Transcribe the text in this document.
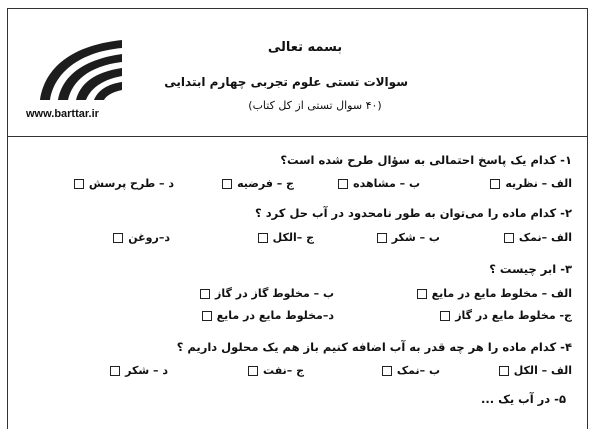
www.barttar.ir
بسمه تعالی
سوالات تستی علوم تجربی چهارم ابتدایی
(۴۰ سوال تستی از کل کتاب)
۱- کدام یک پاسخ احتمالی به سؤال طرح شده است؟
الف – نظریه
ب – مشاهده
ج – فرضیه
د – طرح پرسش
۲- کدام ماده را می‌توان به طور نامحدود در آب حل کرد ؟
الف –نمک
ب – شکر
ج –الکل
د–روغن
۳- ابر چیست ؟
الف – مخلوط مایع در مایع
ب – مخلوط گاز در گاز
ج- مخلوط مایع در گاز
د–مخلوط مایع در مایع
۴- کدام ماده را هر چه قدر به آب اضافه کنیم باز هم یک محلول داریم ؟
الف – الکل
ب –نمک
ج –نفت
د – شکر
۵- در آب یک ...
